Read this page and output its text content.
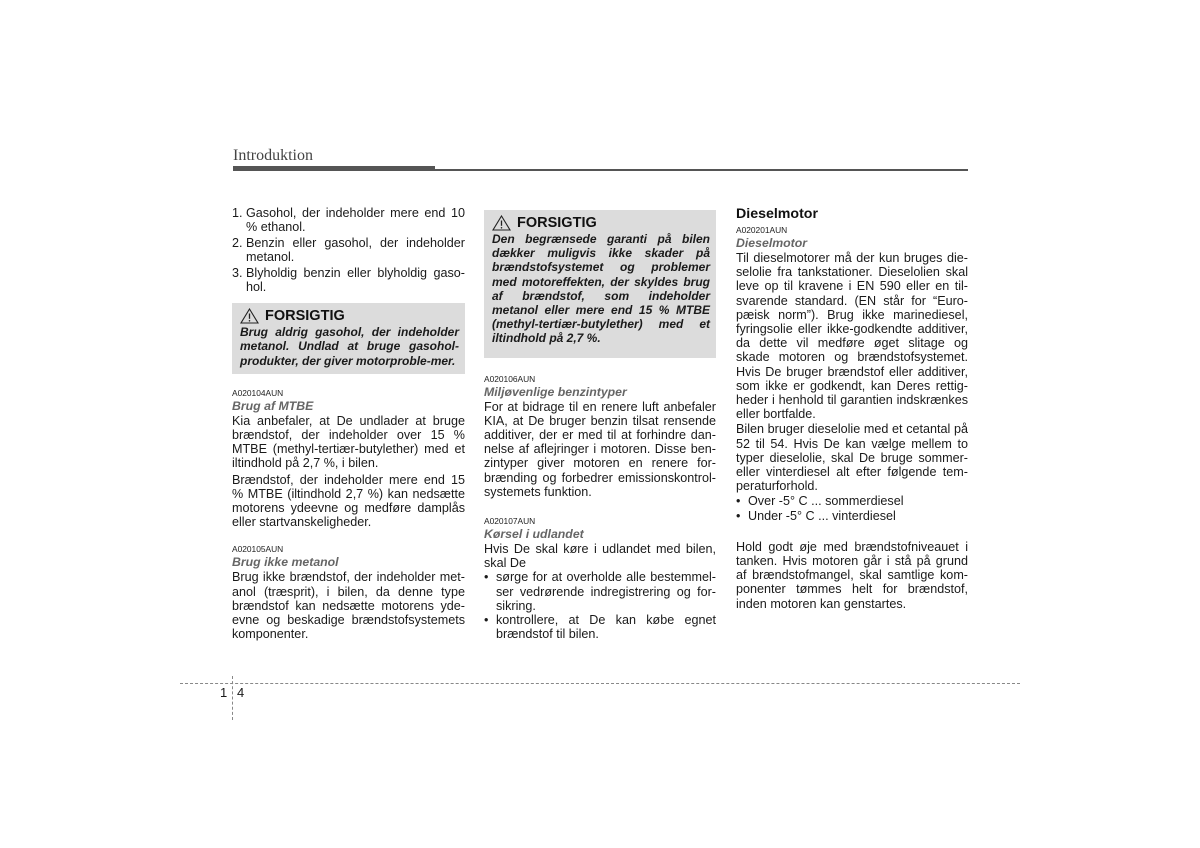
Introduktion
1. Gasohol, der indeholder mere end 10 % ethanol.
2. Benzin eller gasohol, der indeholder metanol.
3. Blyholdig benzin eller blyholdig gaso-hol.
FORSIGTIG
Brug aldrig gasohol, der indeholder metanol. Undlad at bruge gasohol-produkter, der giver motorproble-mer.
A020104AUN
Brug af MTBE

Kia anbefaler, at De undlader at bruge brændstof, der indeholder over 15 % MTBE (methyl-tertiær-butylether) med et iltindhold på 2,7 %, i bilen.

Brændstof, der indeholder mere end 15 % MTBE (iltindhold 2,7 %) kan nedsætte motorens ydeevne og medføre damplås eller startvanskeligheder.

A020105AUN
Brug ikke metanol

Brug ikke brændstof, der indeholder met-anol (træsprit), i bilen, da denne type brændstof kan nedsætte motorens yde-evne og beskadige brændstofsystemets komponenter.

FORSIGTIG
Den begrænsede garanti på bilen dækker muligvis ikke skader på brændstofsystemet og problemer med motoreffekten, der skyldes brug af brændstof, som indeholder metanol eller mere end 15 % MTBE (methyl-tertiær-butylether) med et iltindhold på 2,7 %.
A020106AUN
Miljøvenlige benzintyper

For at bidrage til en renere luft anbefaler KIA, at De bruger benzin tilsat rensende additiver, der er med til at forhindre dan-nelse af aflejringer i motoren. Disse ben-zintyper giver motoren en renere for-brænding og forbedrer emissionskontrol-systemets funktion.

A020107AUN
Kørsel i udlandet

Hvis De skal køre i udlandet med bilen, skal De

• sørge for at overholde alle bestemmel-ser vedrørende indregistrering og for-sikring.
• kontrollere, at De kan købe egnet brændstof til bilen.
Dieselmotor
A020201AUN
Dieselmotor

Til dieselmotorer må der kun bruges die-selolie fra tankstationer. Dieselolien skal leve op til kravene i EN 590 eller en til-svarende standard. (EN står for “Euro-pæisk norm”). Brug ikke marinediesel, fyringsolie eller ikke-godkendte additiver, da dette vil medføre øget slitage og skade motoren og brændstofsystemet. Hvis De bruger brændstof eller additiver, som ikke er godkendt, kan Deres rettig-heder i henhold til garantien indskrænkes eller bortfalde.

Bilen bruger dieselolie med et cetantal på 52 til 54. Hvis De kan vælge mellem to typer dieselolie, skal De bruge sommer-eller vinterdiesel alt efter følgende tem-peraturforhold.

• Over -5° C ... sommerdiesel
• Under -5° C ... vinterdiesel

Hold godt øje med brændstofniveauet i tanken. Hvis motoren går i stå på grund af brændstofmangel, skal samtlige kom-ponenter tømmes helt for brændstof, inden motoren kan genstartes.

1 4
